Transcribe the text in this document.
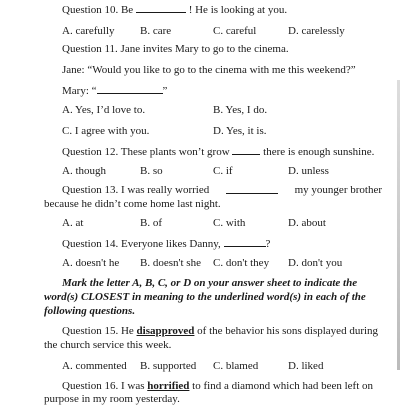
Question 10. Be	! He is looking at you.
A. carefully B. care	C. careful	D. carelessly
Question 11. Jane invites Mary to go to the cinema.
Jane: “Would you like to go to the cinema with me this weekend?”
Mary: “	”
A. Yes, I’d love to.	B. Yes, I do.
C. I agree with you.	D. Yes, it is.
Question 12. These plants won’t grow	there is enough sunshine.
A. though	B. so	C. if	D. unless
Question 13. I was really worried	my younger brother
because he didn’t come home last night.
A. at	B. of	C. with	D. about
Question 14. Everyone likes Danny,	?
A. doesn't he B. doesn't she C. don't they D. don't you
Mark the letter A, B, C, or D on your answer sheet to indicate the
word(s) CLOSEST in meaning to the underlined word(s) in each of the
following questions.
Question 15. He disapproved of the behavior his sons displayed during
the church service this week.
A. commented B. supported C. blamed	D. liked
Question 16. I was horrified to find a diamond which had been left on
purpose in my room yesterday.
